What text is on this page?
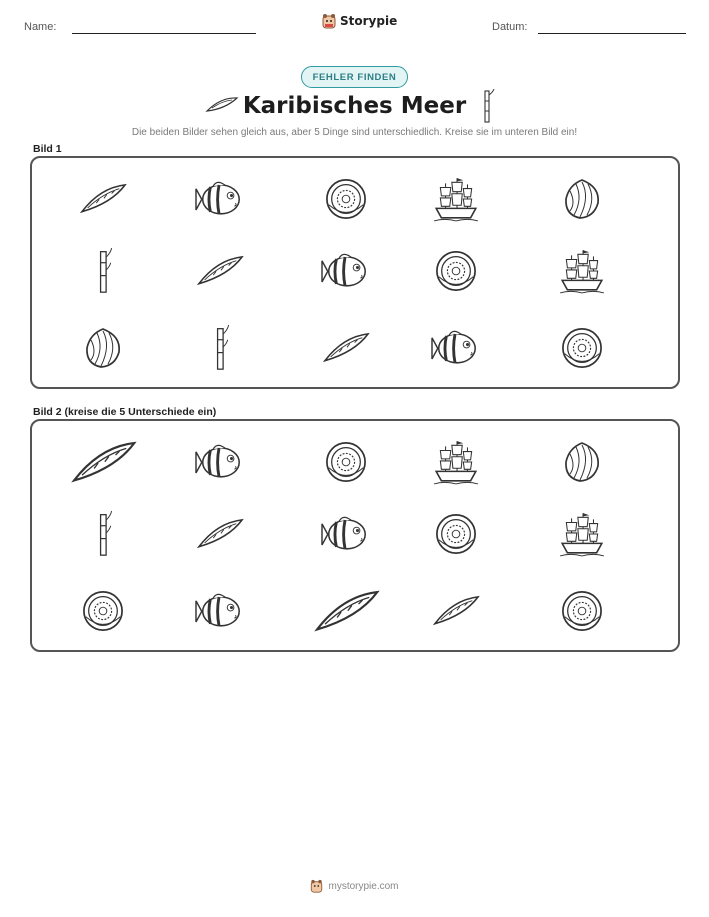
Name:	Storypie	Datum:
FEHLER FINDEN
Karibisches Meer
Die beiden Bilder sehen gleich aus, aber 5 Dinge sind unterschiedlich. Kreise sie im unteren Bild ein!
Bild 1
Bild 2 (kreise die 5 Unterschiede ein)
mystorypie.com
